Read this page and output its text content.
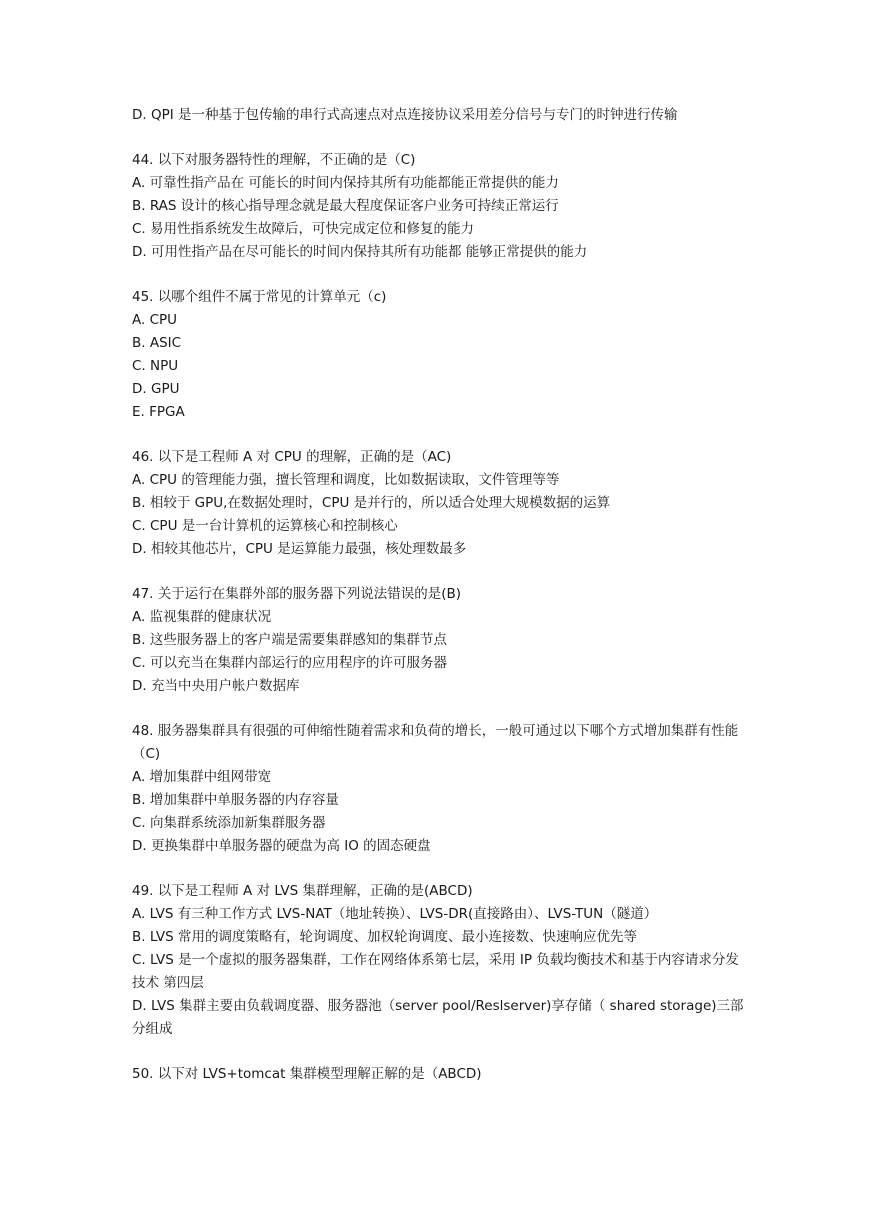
D. QPI 是一种基于包传输的串行式高速点对点连接协议采用差分信号与专门的时钟进行传输
44. 以下对服务器特性的理解，不正确的是（C)
A. 可靠性指产品在 可能长的时间内保持其所有功能都能正常提供的能力
B. RAS 设计的核心指导理念就是最大程度保证客户业务可持续正常运行
C. 易用性指系统发生故障后，可快完成定位和修复的能力
D. 可用性指产品在尽可能长的时间内保持其所有功能都 能够正常提供的能力
45. 以哪个组件不属于常见的计算单元（c)
A. CPU
B. ASIC
C. NPU
D. GPU
E. FPGA
46. 以下是工程师 A 对 CPU 的理解，正确的是（AC)
A. CPU 的管理能力强，擅长管理和调度，比如数据读取，文件管理等等
B. 相较于 GPU,在数据处理时，CPU 是并行的，所以适合处理大规模数据的运算
C. CPU 是一台计算机的运算核心和控制核心
D. 相较其他芯片，CPU 是运算能力最强，核处理数最多
47. 关于运行在集群外部的服务器下列说法错误的是(B)
A. 监视集群的健康状况
B. 这些服务器上的客户端是需要集群感知的集群节点
C. 可以充当在集群内部运行的应用程序的许可服务器
D. 充当中央用户帐户数据库
48. 服务器集群具有很强的可伸缩性随着需求和负荷的增长，一般可通过以下哪个方式增加集群有性能（C)
A. 增加集群中组网带宽
B. 增加集群中单服务器的内存容量
C. 向集群系统添加新集群服务器
D. 更换集群中单服务器的硬盘为高 IO 的固态硬盘
49. 以下是工程师 A 对 LVS 集群理解，正确的是(ABCD)
A. LVS 有三种工作方式 LVS-NAT（地址转换）、LVS-DR(直接路由）、LVS-TUN（隧道）
B. LVS 常用的调度策略有，轮询调度、加权轮询调度、最小连接数、快速响应优先等
C. LVS 是一个虚拟的服务器集群，工作在网络体系第七层，采用 IP 负载均衡技术和基于内容请求分发技术 第四层
D. LVS 集群主要由负载调度器、服务器池（server pool/Reslserver)享存储（ shared storage)三部分组成
50. 以下对 LVS+tomcat 集群模型理解正解的是（ABCD)
